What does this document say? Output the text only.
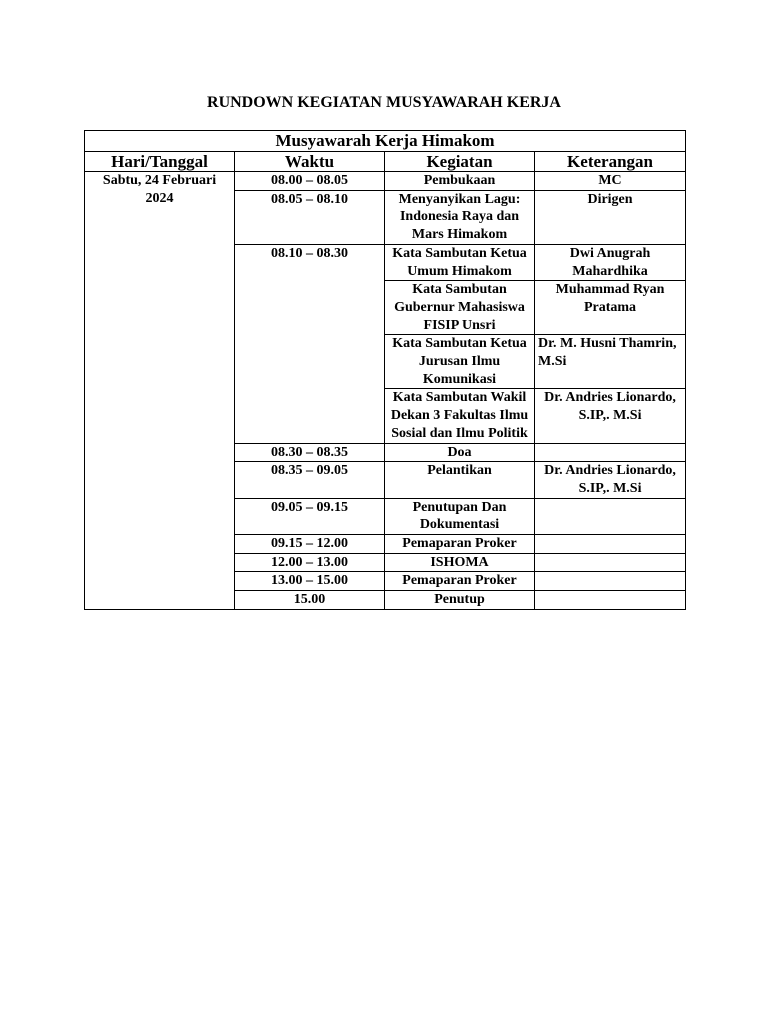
RUNDOWN KEGIATAN MUSYAWARAH KERJA
Musyawarah Kerja Himakom			
Hari/Tanggal	Waktu	Kegiatan	Keterangan
Sabtu, 24 Februari 2024	08.00 – 08.05	Pembukaan	MC
	08.05 – 08.10	Menyanyikan Lagu: Indonesia Raya dan Mars Himakom	Dirigen
	08.10 – 08.30	Kata Sambutan Ketua Umum Himakom	Dwi Anugrah Mahardhika
		Kata Sambutan Gubernur Mahasiswa FISIP Unsri	Muhammad Ryan Pratama
		Kata Sambutan Ketua Jurusan Ilmu Komunikasi	Dr. M. Husni Thamrin, M.Si
		Kata Sambutan Wakil Dekan 3 Fakultas Ilmu Sosial dan Ilmu Politik	Dr. Andries Lionardo, S.IP,. M.Si
	08.30 – 08.35	Doa	
	08.35 – 09.05	Pelantikan	Dr. Andries Lionardo, S.IP,. M.Si
	09.05 – 09.15	Penutupan Dan Dokumentasi	
	09.15 – 12.00	Pemaparan Proker	
	12.00 – 13.00	ISHOMA	
	13.00 – 15.00	Pemaparan Proker	
	15.00	Penutup	
